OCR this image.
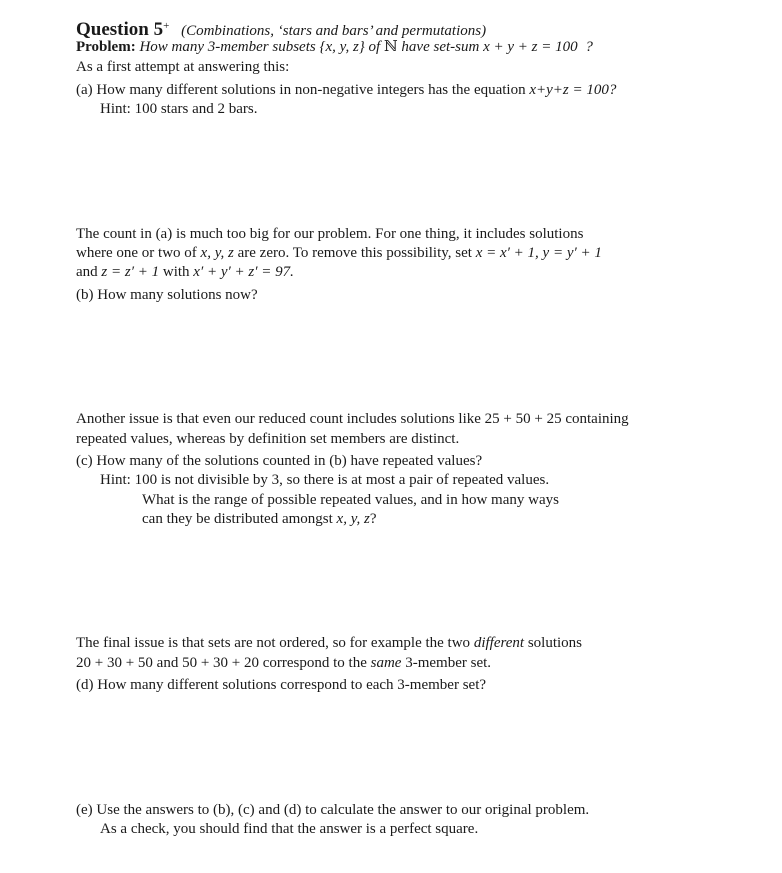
Question 5+ (Combinations, ‘stars and bars’ and permutations)
Problem: How many 3-member subsets {x, y, z} of ℕ have set-sum x + y + z = 100 ?
As a first attempt at answering this:
(a) How many different solutions in non-negative integers has the equation x+y+z = 100?
Hint: 100 stars and 2 bars.
The count in (a) is much too big for our problem. For one thing, it includes solutions
where one or two of x, y, z are zero. To remove this possibility, set x = x′ + 1, y = y′ + 1
and z = z′ + 1 with x′ + y′ + z′ = 97.
(b) How many solutions now?
Another issue is that even our reduced count includes solutions like 25 + 50 + 25 containing
repeated values, whereas by definition set members are distinct.
(c) How many of the solutions counted in (b) have repeated values?
Hint: 100 is not divisible by 3, so there is at most a pair of repeated values.
What is the range of possible repeated values, and in how many ways
can they be distributed amongst x, y, z?
The final issue is that sets are not ordered, so for example the two different solutions
20 + 30 + 50 and 50 + 30 + 20 correspond to the same 3-member set.
(d) How many different solutions correspond to each 3-member set?
(e) Use the answers to (b), (c) and (d) to calculate the answer to our original problem.
As a check, you should find that the answer is a perfect square.
